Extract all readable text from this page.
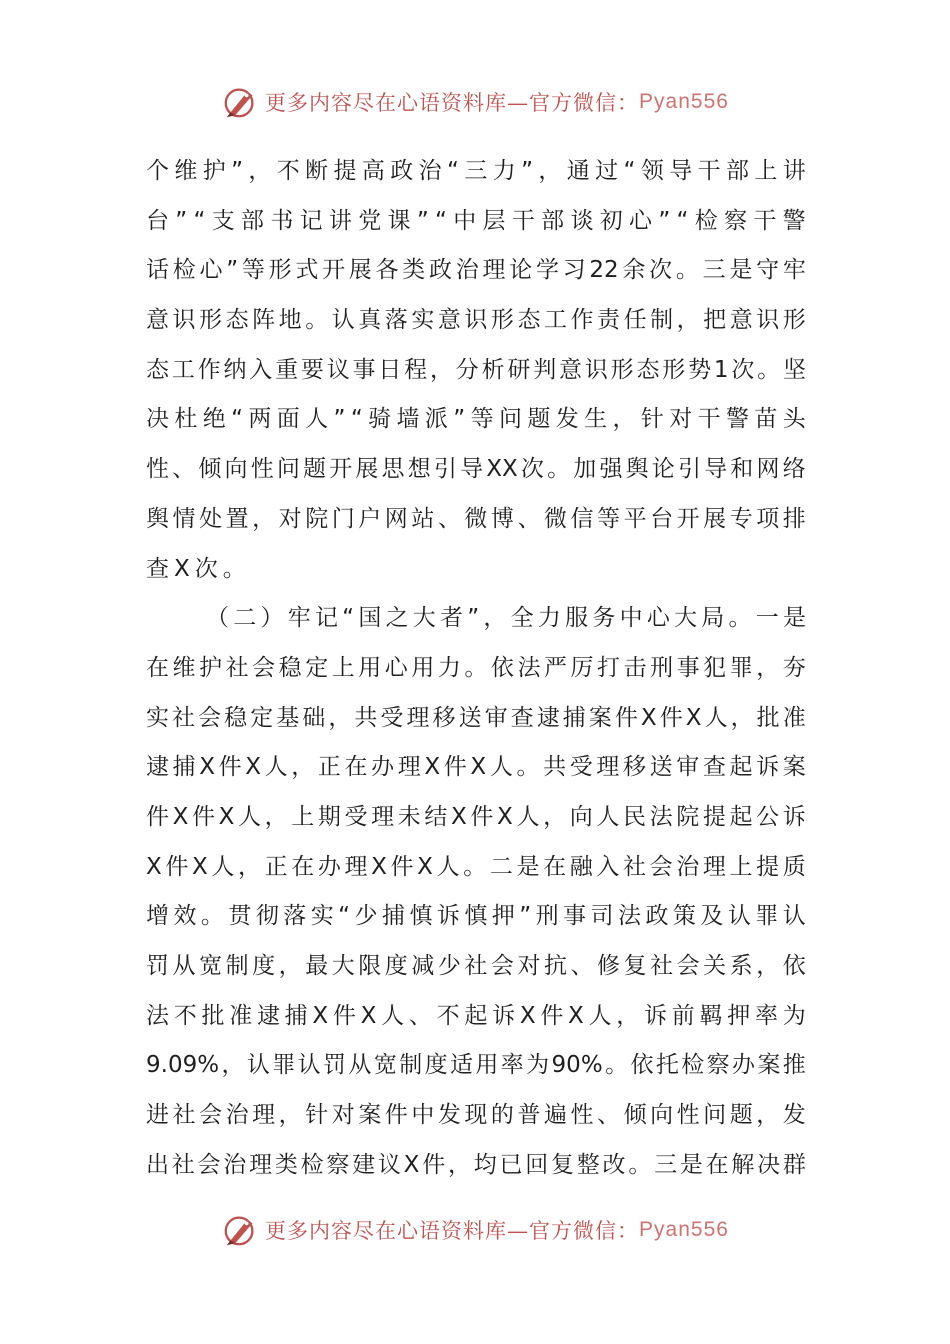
更多内容尽在心语资料库—官方微信： Pyan556
个 维 护 ” ， 不 断 提 高 政 治 “ 三 力 ” ， 通 过 “ 领 导 干 部 上 讲
台 ” “ 支 部 书 记 讲 党 课 ” “ 中 层 干 部 谈 初 心 ” “ 检 察 干 警
话 检 心 ” 等 形 式 开 展 各 类 政 治 理 论 学 习 22 余 次 。 三 是 守 牢
意 识 形 态 阵 地 。 认 真 落 实 意 识 形 态 工 作 责 任 制 ， 把 意 识 形
态 工 作 纳 入 重 要 议 事 日 程 ， 分 析 研 判 意 识 形 态 形 势 1 次 。 坚
决 杜 绝 “ 两 面 人 ” “ 骑 墙 派 ” 等 问 题 发 生 ， 针 对 干 警 苗 头
性 、 倾 向 性 问 题 开 展 思 想 引 导 XX 次 。 加 强 舆 论 引 导 和 网 络
舆 情 处 置 ， 对 院 门 户 网 站 、 微 博 、 微 信 等 平 台 开 展 专 项 排
查 X 次 。
（ 二 ） 牢 记 “ 国 之 大 者 ” ， 全 力 服 务 中 心 大 局 。 一 是
在 维 护 社 会 稳 定 上 用 心 用 力 。 依 法 严 厉 打 击 刑 事 犯 罪 ， 夯
实 社 会 稳 定 基 础 ， 共 受 理 移 送 审 查 逮 捕 案 件 X 件 X 人 ， 批 准
逮 捕 X 件 X 人 ， 正 在 办 理 X 件 X 人 。 共 受 理 移 送 审 查 起 诉 案
件 X 件 X 人 ， 上 期 受 理 未 结 X 件 X 人 ， 向 人 民 法 院 提 起 公 诉
X 件 X 人 ， 正 在 办 理 X 件 X 人 。 二 是 在 融 入 社 会 治 理 上 提 质
增 效 。 贯 彻 落 实 “ 少 捕 慎 诉 慎 押 ” 刑 事 司 法 政 策 及 认 罪 认
罚 从 宽 制 度 ， 最 大 限 度 减 少 社 会 对 抗 、 修 复 社 会 关 系 ， 依
法 不 批 准 逮 捕 X 件 X 人 、 不 起 诉 X 件 X 人 ， 诉 前 羁 押 率 为
9.09% ， 认 罪 认 罚 从 宽 制 度 适 用 率 为 90% 。 依 托 检 察 办 案 推
进 社 会 治 理 ， 针 对 案 件 中 发 现 的 普 遍 性 、 倾 向 性 问 题 ， 发
出 社 会 治 理 类 检 察 建 议 X 件 ， 均 已 回 复 整 改 。 三 是 在 解 决 群
更多内容尽在心语资料库—官方微信： Pyan556
